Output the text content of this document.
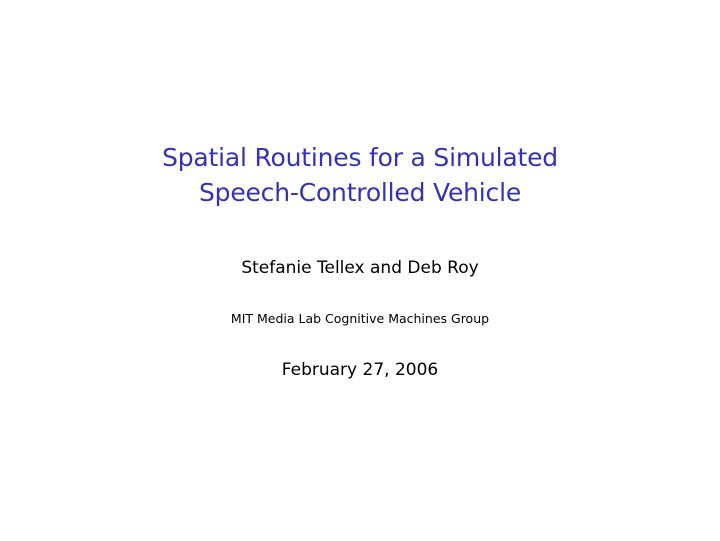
Spatial Routines for a Simulated
Speech-Controlled Vehicle
Stefanie Tellex and Deb Roy
MIT Media Lab Cognitive Machines Group
February 27, 2006
